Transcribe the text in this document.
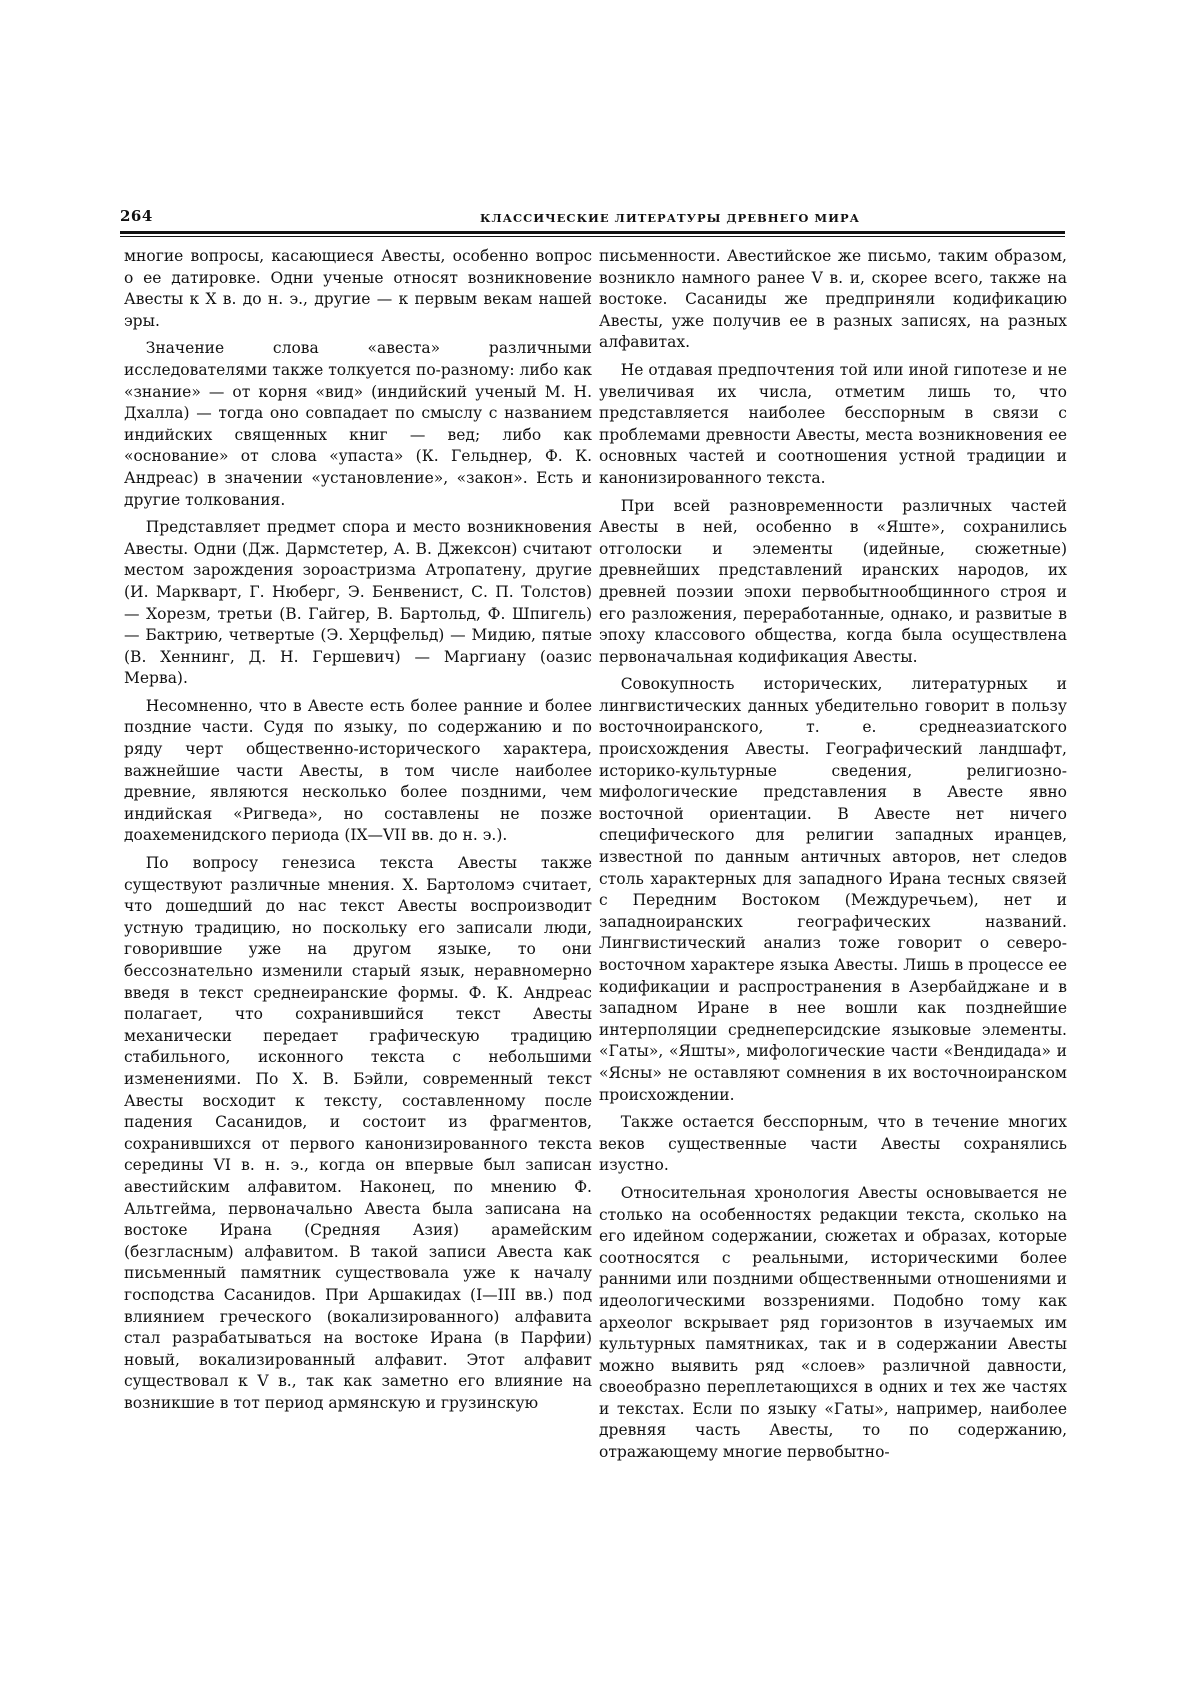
264	КЛАССИЧЕСКИЕ ЛИТЕРАТУРЫ ДРЕВНЕГО МИРА

многие вопросы, касающиеся Авесты, особенно вопрос о ее датировке. Одни ученые относят возникновение Авесты к X в. до н. э., другие — к первым векам нашей эры.

Значение слова «авеста» различными исследователями также толкуется по-разному: либо как «знание» — от корня «вид» (индийский ученый М. Н. Дхалла) — тогда оно совпадает по смыслу с названием индийских священных книг — вед; либо как «основание» от слова «упаста» (К. Гельднер, Ф. К. Андреас) в значении «установление», «закон». Есть и другие толкования.

Представляет предмет спора и место возникновения Авесты. Одни (Дж. Дармстетер, А. В. Джексон) считают местом зарождения зороастризма Атропатену, другие (И. Маркварт, Г. Нюберг, Э. Бенвенист, С. П. Толстов) — Хорезм, третьи (В. Гайгер, В. Бартольд, Ф. Шпигель) — Бактрию, четвертые (Э. Херцфельд) — Мидию, пятые (В. Хеннинг, Д. Н. Гершевич) — Маргиану (оазис Мерва).

Несомненно, что в Авесте есть более ранние и более поздние части. Судя по языку, по содержанию и по ряду черт общественно-исторического характера, важнейшие части Авесты, в том числе наиболее древние, являются несколько более поздними, чем индийская «Ригведа», но составлены не позже доахеменидского периода (IX—VII вв. до н. э.).

По вопросу генезиса текста Авесты также существуют различные мнения. Х. Бартоломэ считает, что дошедший до нас текст Авесты воспроизводит устную традицию, но поскольку его записали люди, говорившие уже на другом языке, то они бессознательно изменили старый язык, неравномерно введя в текст среднеиранские формы. Ф. К. Андреас полагает, что сохранившийся текст Авесты механически передает графическую традицию стабильного, исконного текста с небольшими изменениями. По Х. В. Бэйли, современный текст Авесты восходит к тексту, составленному после падения Сасанидов, и состоит из фрагментов, сохранившихся от первого канонизированного текста середины VI в. н. э., когда он впервые был записан авестийским алфавитом. Наконец, по мнению Ф. Альтгейма, первоначально Авеста была записана на востоке Ирана (Средняя Азия) арамейским (безгласным) алфавитом. В такой записи Авеста как письменный памятник существовала уже к началу господства Сасанидов. При Аршакидах (I—III вв.) под влиянием греческого (вокализированного) алфавита стал разрабатываться на востоке Ирана (в Парфии) новый, вокализированный алфавит. Этот алфавит существовал к V в., так как заметно его влияние на возникшие в тот период армянскую и грузинскую

письменности. Авестийское же письмо, таким образом, возникло намного ранее V в. и, скорее всего, также на востоке. Сасаниды же предприняли кодификацию Авесты, уже получив ее в разных записях, на разных алфавитах.

Не отдавая предпочтения той или иной гипотезе и не увеличивая их числа, отметим лишь то, что представляется наиболее бесспорным в связи с проблемами древности Авесты, места возникновения ее основных частей и соотношения устной традиции и канонизированного текста.

При всей разновременности различных частей Авесты в ней, особенно в «Яште», сохранились отголоски и элементы (идейные, сюжетные) древнейших представлений иранских народов, их древней поэзии эпохи первобытнообщинного строя и его разложения, переработанные, однако, и развитые в эпоху классового общества, когда была осуществлена первоначальная кодификация Авесты.

Совокупность исторических, литературных и лингвистических данных убедительно говорит в пользу восточноиранского, т. е. среднеазиатского происхождения Авесты. Географический ландшафт, историко-культурные сведения, религиозно-мифологические представления в Авесте явно восточной ориентации. В Авесте нет ничего специфического для религии западных иранцев, известной по данным античных авторов, нет следов столь характерных для западного Ирана тесных связей с Передним Востоком (Междуречьем), нет и западноиранских географических названий. Лингвистический анализ тоже говорит о северо-восточном характере языка Авесты. Лишь в процессе ее кодификации и распространения в Азербайджане и в западном Иране в нее вошли как позднейшие интерполяции среднеперсидские языковые элементы. «Гаты», «Яшты», мифологические части «Вендидада» и «Ясны» не оставляют сомнения в их восточноиранском происхождении.

Также остается бесспорным, что в течение многих веков существенные части Авесты сохранялись изустно.

Относительная хронология Авесты основывается не столько на особенностях редакции текста, сколько на его идейном содержании, сюжетах и образах, которые соотносятся с реальными, историческими более ранними или поздними общественными отношениями и идеологическими воззрениями. Подобно тому как археолог вскрывает ряд горизонтов в изучаемых им культурных памятниках, так и в содержании Авесты можно выявить ряд «слоев» различной давности, своеобразно переплетающихся в одних и тех же частях и текстах. Если по языку «Гаты», например, наиболее древняя часть Авесты, то по содержанию, отражающему многие первобытно-
